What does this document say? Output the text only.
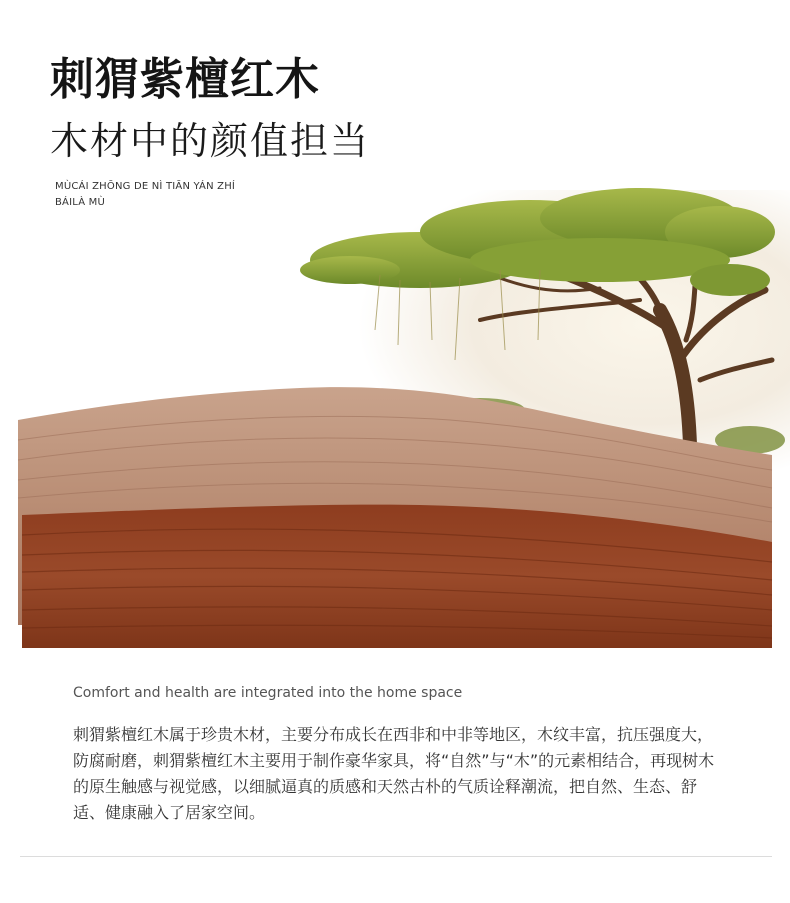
刺猬紫檀红木
木材中的颜值担当
MÙCÁI ZHŌNG DE NÌ TIĀN YÁN ZHÍ
BÁILÀ MÙ
Comfort and health are integrated into the home space
刺猬紫檀红木属于珍贵木材，主要分布成长在西非和中非等地区，木纹丰富，抗压强度大，防腐耐磨，刺猬紫檀红木主要用于制作豪华家具，将“自然”与“木”的元素相结合，再现树木的原生触感与视觉感，以细腻逼真的质感和天然古朴的气质诠释潮流，把自然、生态、舒适、健康融入了居家空间。
